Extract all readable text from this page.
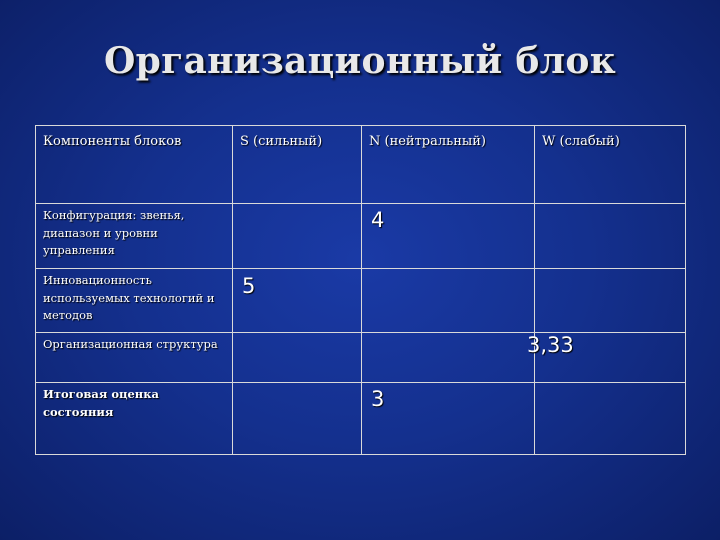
Организационный блок
Компоненты блоков	S (сильный)	N (нейтральный)	W (слабый)
Конфигурация: звенья, диапазон и уровни управления		4	

Инновационность используемых технологий и методов	5		

Организационная структура		3,33	

Итоговая оценка состояния		3	
